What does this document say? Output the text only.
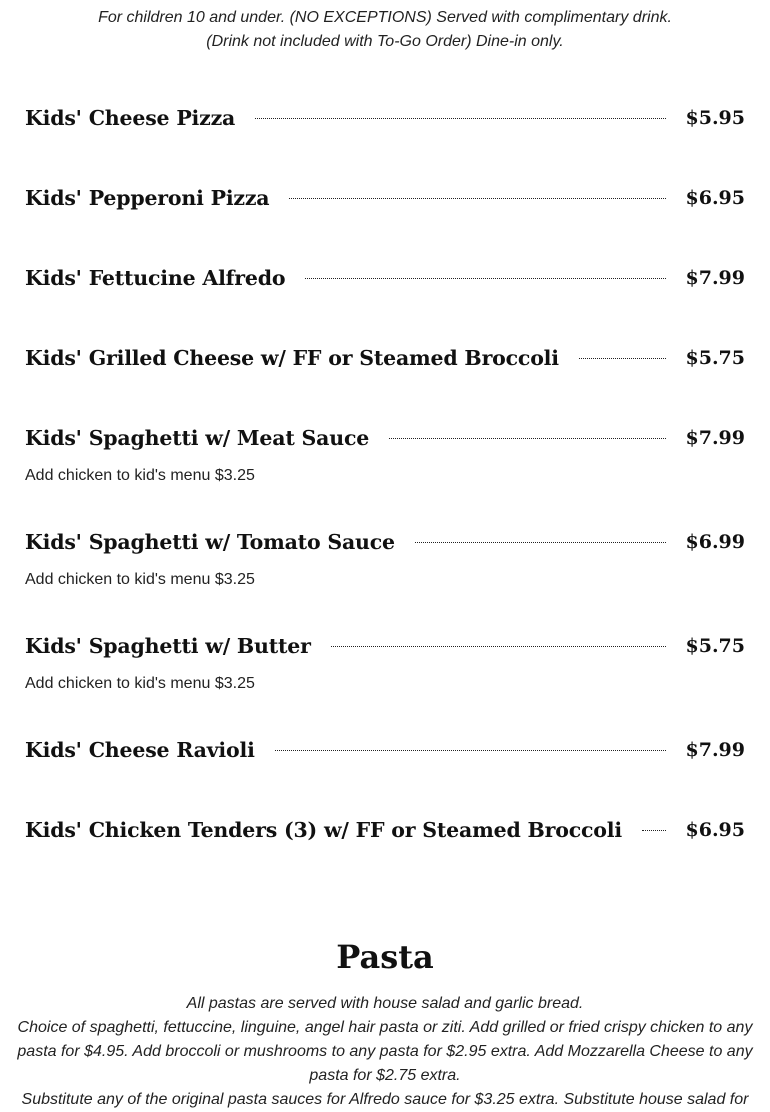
For children 10 and under. (NO EXCEPTIONS) Served with complimentary drink.

(Drink not included with To-Go Order) Dine-in only.

Kids' Cheese Pizza	$5.95
Kids' Pepperoni Pizza	$6.95
Kids' Fettucine Alfredo	$7.99
Kids' Grilled Cheese w/ FF or Steamed Broccoli	$5.75
Kids' Spaghetti w/ Meat Sauce	$7.99
Add chicken to kid's menu $3.25
Kids' Spaghetti w/ Tomato Sauce	$6.99
Add chicken to kid's menu $3.25
Kids' Spaghetti w/ Butter	$5.75
Add chicken to kid's menu $3.25
Kids' Cheese Ravioli	$7.99
Kids' Chicken Tenders (3) w/ FF or Steamed Broccoli	$6.95
Pasta

All pastas are served with house salad and garlic bread.

Choice of spaghetti, fettuccine, linguine, angel hair pasta or ziti. Add grilled or fried crispy chicken to any pasta for $4.95. Add broccoli or mushrooms to any pasta for $2.95 extra. Add Mozzarella Cheese to any pasta for $2.75 extra.

Substitute any of the original pasta sauces for Alfredo sauce for $3.25 extra. Substitute house salad for
